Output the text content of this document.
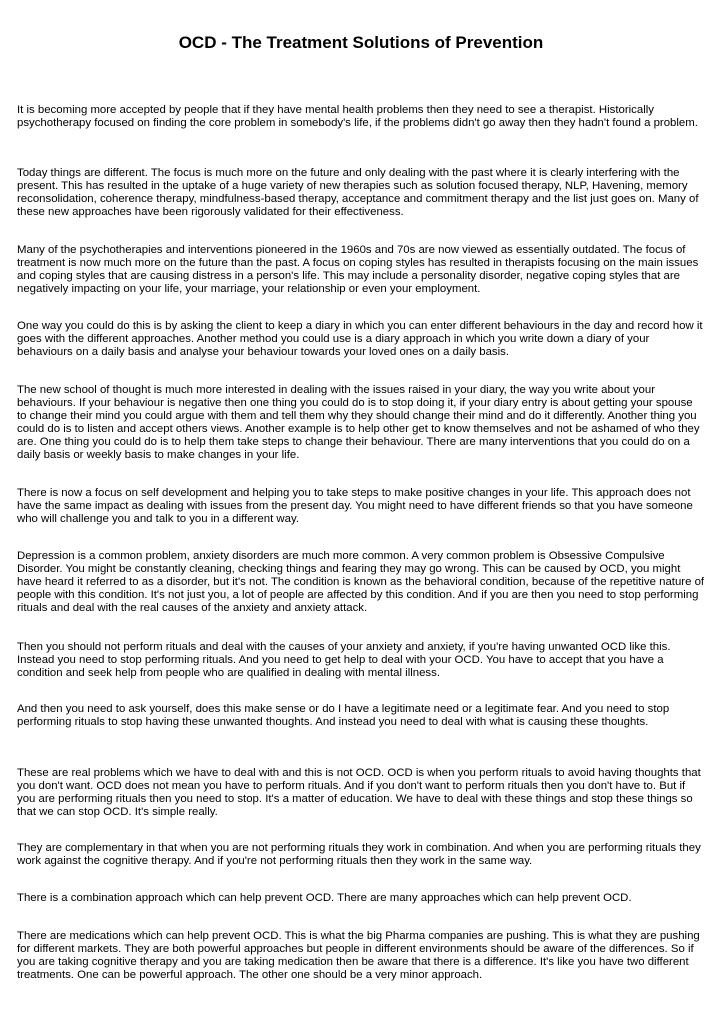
OCD - The Treatment Solutions of Prevention

It is becoming more accepted by people that if they have mental health problems then they need to see a therapist. Historically psychotherapy focused on finding the core problem in somebody's life, if the problems didn't go away then they hadn't found a problem.

Today things are different. The focus is much more on the future and only dealing with the past where it is clearly interfering with the present. This has resulted in the uptake of a huge variety of new therapies such as solution focused therapy, NLP, Havening, memory reconsolidation, coherence therapy, mindfulness-based therapy, acceptance and commitment therapy and the list just goes on. Many of these new approaches have been rigorously validated for their effectiveness.

Many of the psychotherapies and interventions pioneered in the 1960s and 70s are now viewed as essentially outdated. The focus of treatment is now much more on the future than the past. A focus on coping styles has resulted in therapists focusing on the main issues and coping styles that are causing distress in a person's life. This may include a personality disorder, negative coping styles that are negatively impacting on your life, your marriage, your relationship or even your employment.

One way you could do this is by asking the client to keep a diary in which you can enter different behaviours in the day and record how it goes with the different approaches. Another method you could use is a diary approach in which you write down a diary of your behaviours on a daily basis and analyse your behaviour towards your loved ones on a daily basis.

The new school of thought is much more interested in dealing with the issues raised in your diary, the way you write about your behaviours. If your behaviour is negative then one thing you could do is to stop doing it, if your diary entry is about getting your spouse to change their mind you could argue with them and tell them why they should change their mind and do it differently. Another thing you could do is to listen and accept others views. Another example is to help other get to know themselves and not be ashamed of who they are. One thing you could do is to help them take steps to change their behaviour. There are many interventions that you could do on a daily basis or weekly basis to make changes in your life.

There is now a focus on self development and helping you to take steps to make positive changes in your life. This approach does not have the same impact as dealing with issues from the present day. You might need to have different friends so that you have someone who will challenge you and talk to you in a different way.

Depression is a common problem, anxiety disorders are much more common. A very common problem is Obsessive Compulsive Disorder. You might be constantly cleaning, checking things and fearing they may go wrong. This can be caused by OCD, you might have heard it referred to as a disorder, but it's not. The condition is known as the behavioral condition, because of the repetitive nature of people with this condition. It's not just you, a lot of people are affected by this condition. And if you are then you need to stop performing rituals and deal with the real causes of the anxiety and anxiety attack.

Then you should not perform rituals and deal with the causes of your anxiety and anxiety, if you're having unwanted OCD like this. Instead you need to stop performing rituals. And you need to get help to deal with your OCD. You have to accept that you have a condition and seek help from people who are qualified in dealing with mental illness.

And then you need to ask yourself, does this make sense or do I have a legitimate need or a legitimate fear. And you need to stop performing rituals to stop having these unwanted thoughts. And instead you need to deal with what is causing these thoughts.

These are real problems which we have to deal with and this is not OCD. OCD is when you perform rituals to avoid having thoughts that you don't want. OCD does not mean you have to perform rituals. And if you don't want to perform rituals then you don't have to. But if you are performing rituals then you need to stop. It's a matter of education. We have to deal with these things and stop these things so that we can stop OCD. It's simple really.

They are complementary in that when you are not performing rituals they work in combination. And when you are performing rituals they work against the cognitive therapy. And if you're not performing rituals then they work in the same way.

There is a combination approach which can help prevent OCD. There are many approaches which can help prevent OCD.

There are medications which can help prevent OCD. This is what the big Pharma companies are pushing. This is what they are pushing for different markets. They are both powerful approaches but people in different environments should be aware of the differences. So if you are taking cognitive therapy and you are taking medication then be aware that there is a difference. It's like you have two different treatments. One can be powerful approach. The other one should be a very minor approach.
